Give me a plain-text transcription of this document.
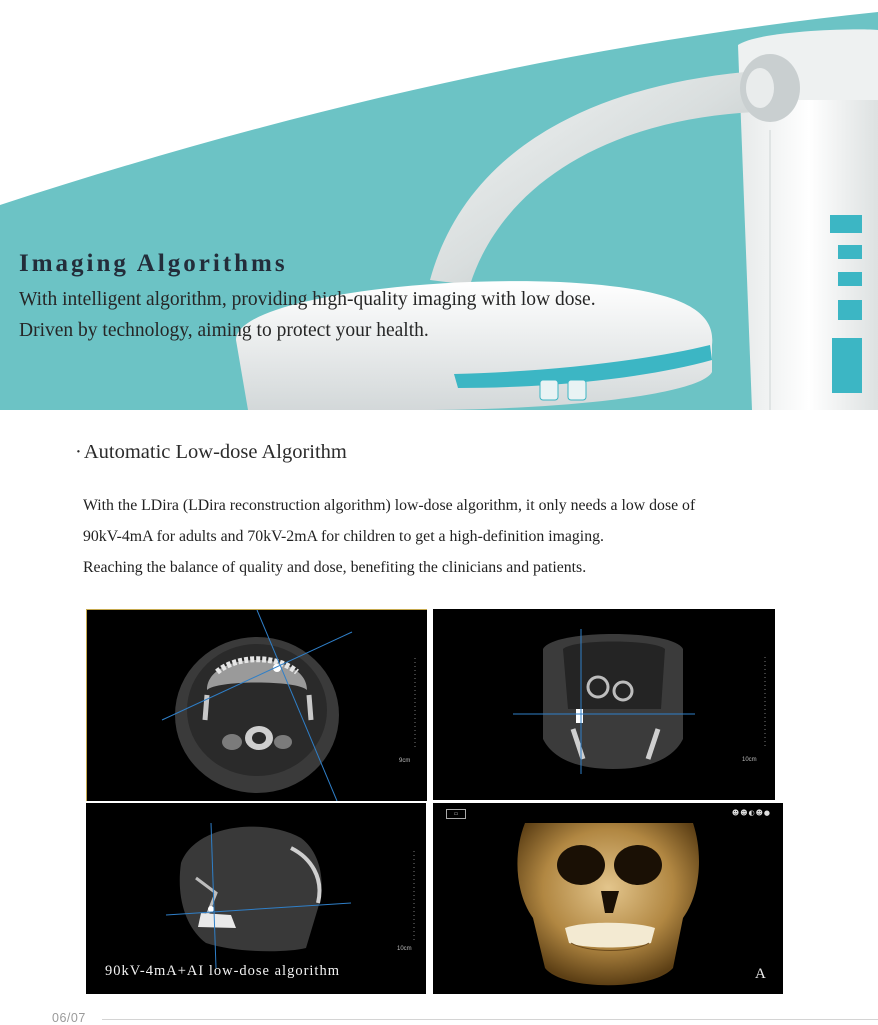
Imaging Algorithms

With intelligent algorithm, providing high-quality imaging with low dose.

Driven by technology, aiming to protect your health.

·Automatic Low-dose Algorithm

With the LDira (LDira reconstruction algorithm) low-dose algorithm, it only needs a low dose of

90kV-4mA for adults and 70kV-2mA for children to get a high-definition imaging.

Reaching the balance of quality and dose, benefiting the clinicians and patients.

9cm	10cm
10cm

90kV-4mA+AI low-dose algorithm

▭	☻☻◐☻●
A

06/07
